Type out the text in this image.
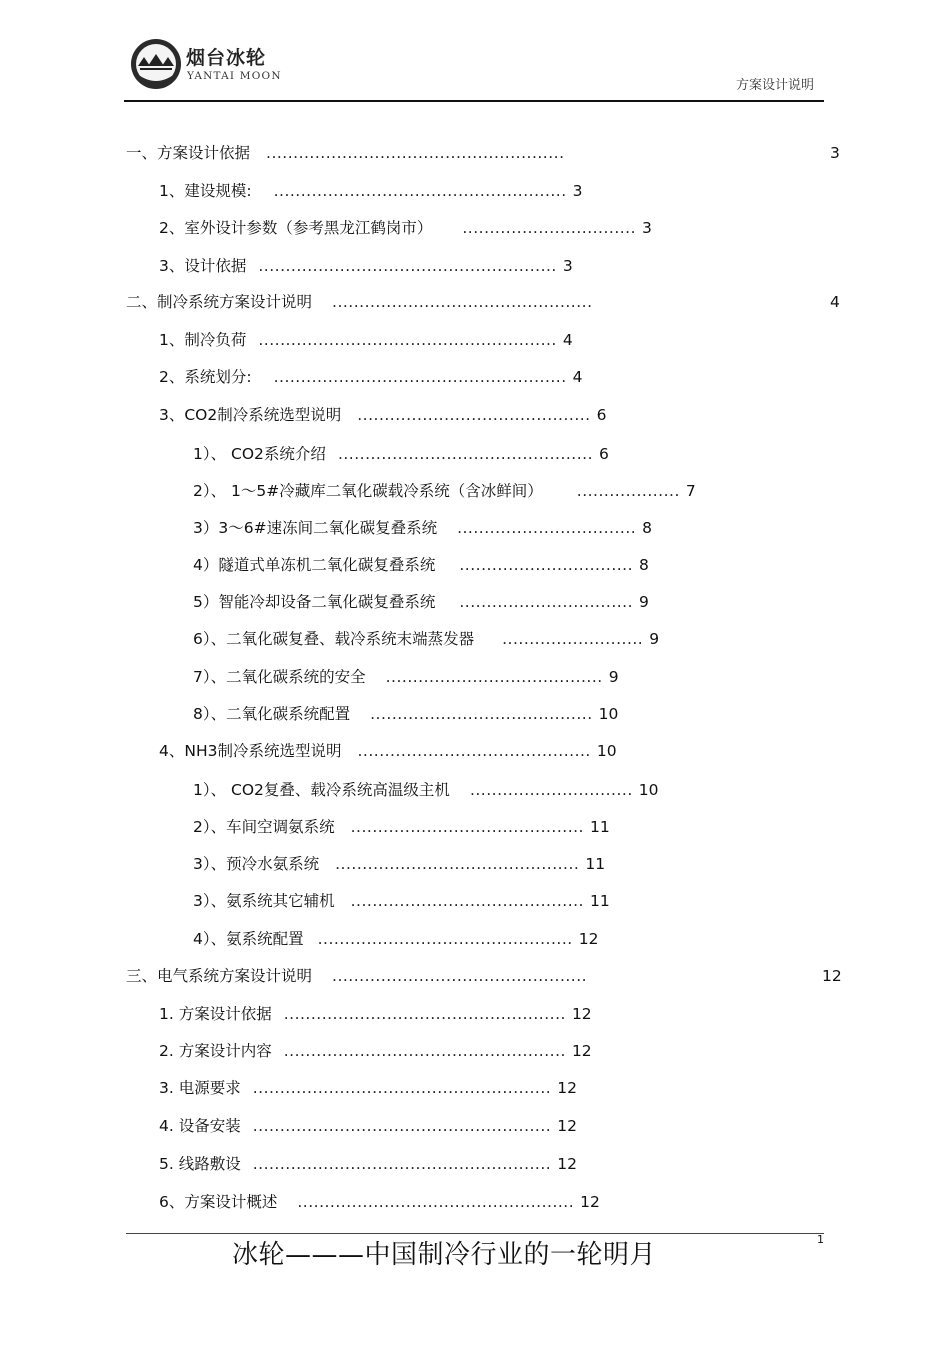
烟台冰轮
YANTAI MOON
方案设计说明
一、方案设计依据 .......................................................	3
1、建设规模: ...................................................... 3
2、室外设计参数（参考黑龙江鹤岗市） ................................ 3
3、设计依据 ....................................................... 3
二、制冷系统方案设计说明 ................................................	4
1、制冷负荷 ....................................................... 4
2、系统划分: ...................................................... 4
3、CO2制冷系统选型说明 ........................................... 6
1）、 CO2系统介绍 ............................................... 6
2）、 1～5#冷藏库二氧化碳载冷系统（含冰鲜间） ................... 7
3）3～6#速冻间二氧化碳复叠系统 ................................. 8
4）隧道式单冻机二氧化碳复叠系统 ................................ 8
5）智能冷却设备二氧化碳复叠系统 ................................ 9
6）、二氧化碳复叠、载冷系统末端蒸发器 .......................... 9
7）、二氧化碳系统的安全 ........................................ 9
8）、二氧化碳系统配置 ......................................... 10
4、NH3制冷系统选型说明 ........................................... 10
1）、 CO2复叠、载冷系统高温级主机 .............................. 10
2）、车间空调氨系统 ........................................... 11
3）、预冷水氨系统 ............................................. 11
3）、氨系统其它辅机 ........................................... 11
4）、氨系统配置 ............................................... 12
三、电气系统方案设计说明 ...............................................	12
1. 方案设计依据 .................................................... 12
2. 方案设计内容 .................................................... 12
3. 电源要求 ....................................................... 12
4. 设备安装 ....................................................... 12
5. 线路敷设 ....................................................... 12
6、方案设计概述 ................................................... 12
冰轮———中国制冷行业的一轮明月
1
